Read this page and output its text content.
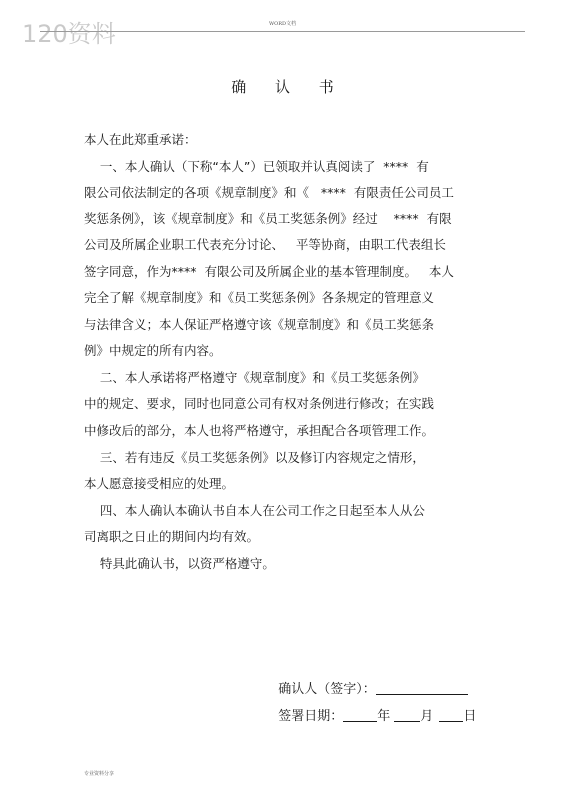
120资料	WORD文档
确 认 书
本人在此郑重承诺：
一、本人确认（下称“本人”）已领取并认真阅读了  ****  有
限公司依法制定的各项《规章制度》和《   ****  有限责任公司员工
奖惩条例》，该《规章制度》和《员工奖惩条例》经过    ****  有限
公司及所属企业职工代表充分讨论、   平等协商，由职工代表组长
签字同意，作为****  有限公司及所属企业的基本管理制度。   本人
完全了解《规章制度》和《员工奖惩条例》各条规定的管理意义
与法律含义；本人保证严格遵守该《规章制度》和《员工奖惩条
例》中规定的所有内容。
二、本人承诺将严格遵守《规章制度》和《员工奖惩条例》
中的规定、要求，同时也同意公司有权对条例进行修改；在实践
中修改后的部分，本人也将严格遵守，承担配合各项管理工作。
三、若有违反《员工奖惩条例》以及修订内容规定之情形，
本人愿意接受相应的处理。
四、本人确认本确认书自本人在公司工作之日起至本人从公
司离职之日止的期间内均有效。
特具此确认书，以资严格遵守。

确认人（签字）：

签署日期：	年 月 日

专业资料分享
